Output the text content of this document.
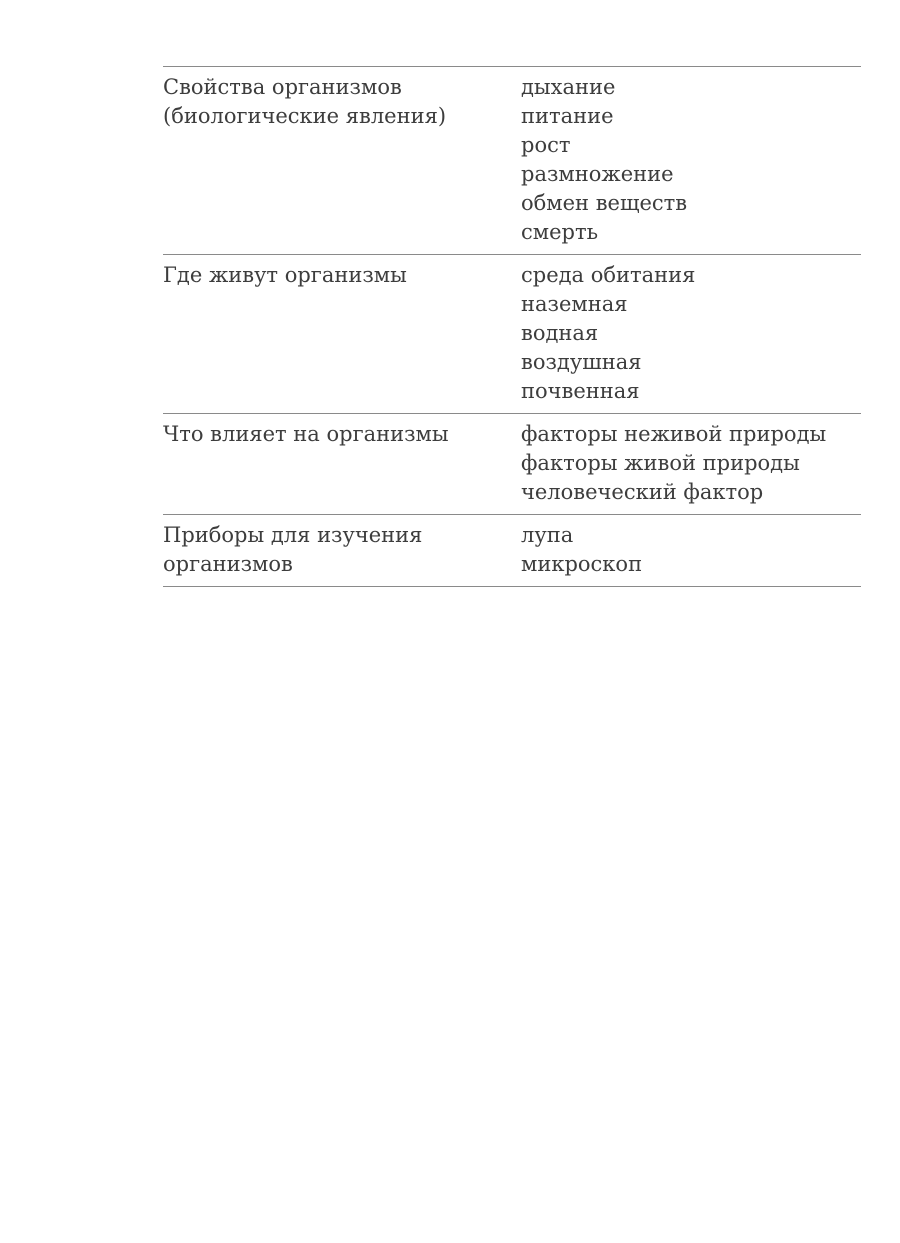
Свойства организмов
(биологические явления)
дыхание
питание
рост
размножение
обмен веществ
смерть
Где живут организмы	среда обитания
наземная
водная
воздушная
почвенная
Что влияет на организмы	факторы неживой природы
факторы живой природы
человеческий фактор
Приборы для изучения
организмов
лупа
микроскоп
